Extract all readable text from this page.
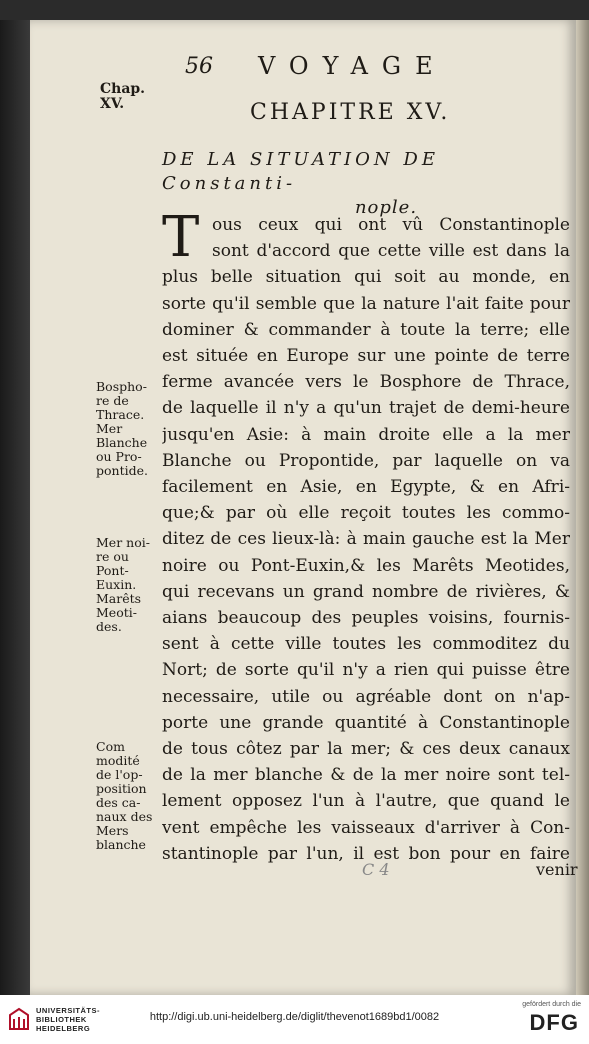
56 VOYAGE
Chap.
XV.	CHAPITRE XV.
DE LA SITUATION DE Constanti-
nople.
T ous ceux qui ont vû Constantinople
sont d'accord que cette ville est dans la
plus belle situation qui soit au monde, en
sorte qu'il semble que la nature l'ait faite pour
dominer & commander à toute la terre; elle
est située en Europe sur une pointe de terre
ferme avancée vers le Bosphore de Thrace,
de laquelle il n'y a qu'un trajet de demi-heure
jusqu'en Asie: à main droite elle a la mer
Blanche ou Propontide, par laquelle on va
facilement en Asie, en Egypte, & en Afri-
que;& par où elle reçoit toutes les commo-
ditez de ces lieux-là: à main gauche est la Mer
noire ou Pont-Euxin,& les Marêts Meotides,
qui recevans un grand nombre de rivières, &
aians beaucoup des peuples voisins, fournis-
sent à cette ville toutes les commoditez du
Nort; de sorte qu'il n'y a rien qui puisse être
necessaire, utile ou agréable dont on n'ap-
porte une grande quantité à Constantinople
de tous côtez par la mer; & ces deux canaux
de la mer blanche & de la mer noire sont tel-
lement opposez l'un à l'autre, que quand le
vent empêche les vaisseaux d'arriver à Con-
stantinople par l'un, il est bon pour en faire
Bospho-
re de
Thrace.
Mer
Blanche
ou Pro-
pontide.
Mer noi-
re ou
Pont-
Euxin.
Marêts
Meoti-
des.
Com
modité
de l'op-
position
des ca-
naux des
Mers
blanche
C 4	venir
UNIVERSITÄTS-
BIBLIOTHEK
HEIDELBERG
http://digi.ub.uni-heidelberg.de/diglit/thevenot1689bd1/0082
gefördert durch die
DFG
